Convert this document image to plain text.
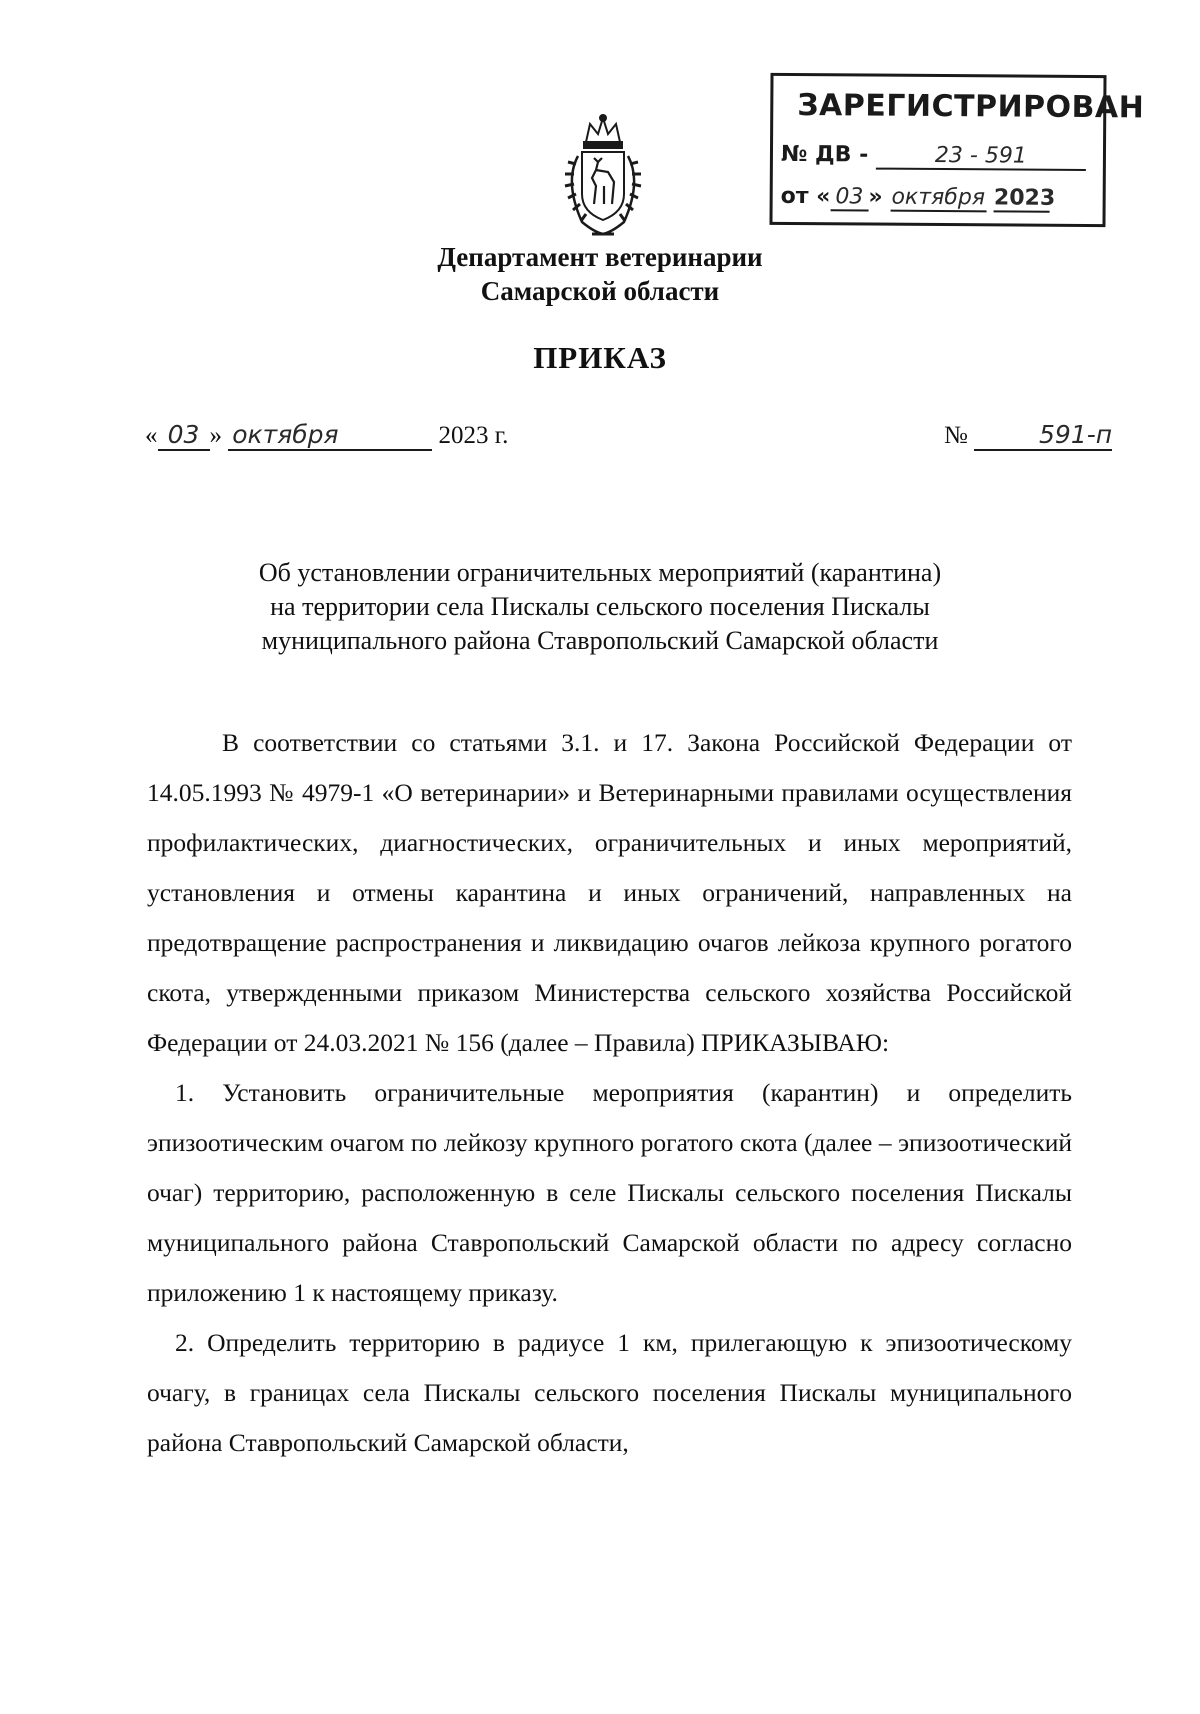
ЗАРЕГИСТРИРОВАН
№ ДВ -	23 - 591
от « 03 » октября 2023
Департамент ветеринарии
Самарской области
ПРИКАЗ
« 03 » октября	2023 г.	№	591-п
Об установлении ограничительных мероприятий (карантина)
на территории села Пискалы сельского поселения Пискалы
муниципального района Ставропольский Самарской области

В соответствии со статьями 3.1. и 17. Закона Российской Федерации от 14.05.1993 № 4979-1 «О ветеринарии» и Ветеринарными правилами осуществления профилактических, диагностических, ограничительных и иных мероприятий, установления и отмены карантина и иных ограничений, направленных на предотвращение распространения и ликвидацию очагов лейкоза крупного рогатого скота, утвержденными приказом Министерства сельского хозяйства Российской Федерации от 24.03.2021 № 156 (далее – Правила) ПРИКАЗЫВАЮ:

1. Установить ограничительные мероприятия (карантин) и определить эпизоотическим очагом по лейкозу крупного рогатого скота (далее – эпизоотический очаг) территорию, расположенную в селе Пискалы сельского поселения Пискалы муниципального района Ставропольский Самарской области по адресу согласно приложению 1 к настоящему приказу.

2. Определить территорию в радиусе 1 км, прилегающую к эпизоотическому очагу, в границах села Пискалы сельского поселения Пискалы муниципального района Ставропольский Самарской области,
